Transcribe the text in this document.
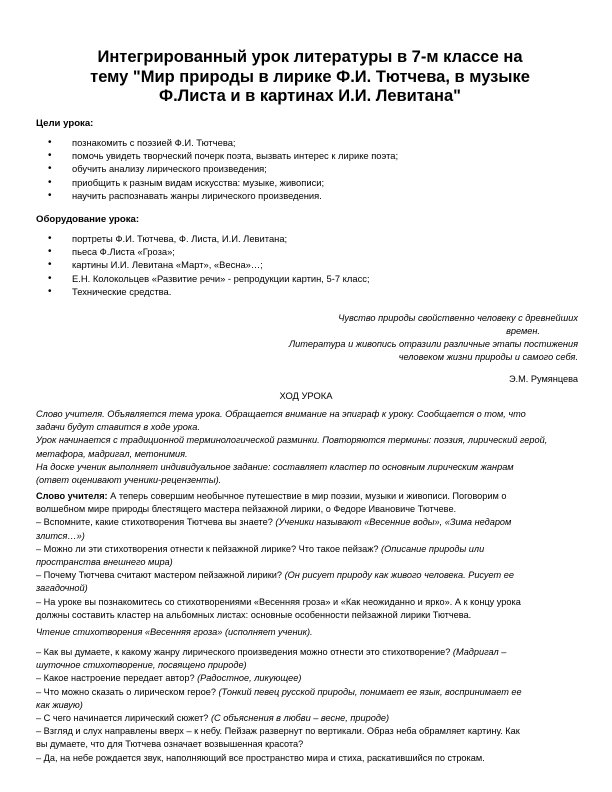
Интегрированный урок литературы в 7-м классе на
тему "Мир природы в лирике Ф.И. Тютчева, в музыке
Ф.Листа и в картинах И.И. Левитана"
Цели урока:
• познакомить с поэзией Ф.И. Тютчева;
• помочь увидеть творческий почерк поэта, вызвать интерес к лирике поэта;
• обучить анализу лирического произведения;
• приобщить к разным видам искусства: музыке, живописи;
• научить распознавать жанры лирического произведения.
Оборудование урока:
• портреты Ф.И. Тютчева, Ф. Листа, И.И. Левитана;
• пьеса Ф.Листа «Гроза»;
• картины И.И. Левитана «Март», «Весна»…;
• Е.Н. Колокольцев «Развитие речи» - репродукции картин, 5-7 класс;
• Технические средства.
Чувство природы свойственно человеку с древнейших
времен.
Литература и живопись отразили различные этапы постижения
человеком жизни природы и самого себя.
Э.М. Румянцева
ХОД УРОКА

Слово учителя. Объявляется тема урока. Обращается внимание на эпиграф к уроку. Сообщается о том, что

задачи будут ставится в ходе урока.

Урок начинается с традиционной терминологической разминки. Повторяются термины: поэзия, лирический герой,

метафора, мадригал, метонимия.

На доске ученик выполняет индивидуальное задание: составляет кластер по основным лирическим жанрам

(ответ оценивают ученики-рецензенты).

Слово учителя: А теперь совершим необычное путешествие в мир поэзии, музыки и живописи. Поговорим о

волшебном мире природы блестящего мастера пейзажной лирики, о Федоре Ивановиче Тютчеве.

– Вспомните, какие стихотворения Тютчева вы знаете? (Ученики называют «Весенние воды», «Зима недаром

злится…»)

– Можно ли эти стихотворения отнести к пейзажной лирике? Что такое пейзаж? (Описание природы или

пространства внешнего мира)

– Почему Тютчева считают мастером пейзажной лирики? (Он рисует природу как живого человека. Рисует ее

загадочной)

– На уроке вы познакомитесь со стихотворениями «Весенняя гроза» и «Как неожиданно и ярко». А к концу урока

должны составить кластер на альбомных листах: основные особенности пейзажной лирики Тютчева.

Чтение стихотворения «Весенняя гроза» (исполняет ученик).

– Как вы думаете, к какому жанру лирического произведения можно отнести это стихотворение? (Мадригал –

шуточное стихотворение, посвящено природе)

– Какое настроение передает автор? (Радостное, ликующее)

– Что можно сказать о лирическом герое? (Тонкий певец русской природы, понимает ее язык, воспринимает ее

как живую)

– С чего начинается лирический сюжет? (С объяснения в любви – весне, природе)

– Взгляд и слух направлены вверх – к небу. Пейзаж развернут по вертикали. Образ неба обрамляет картину. Как

вы думаете, что для Тютчева означает возвышенная красота?

– Да, на небе рождается звук, наполняющий все пространство мира и стиха, раскатившийся по строкам.
